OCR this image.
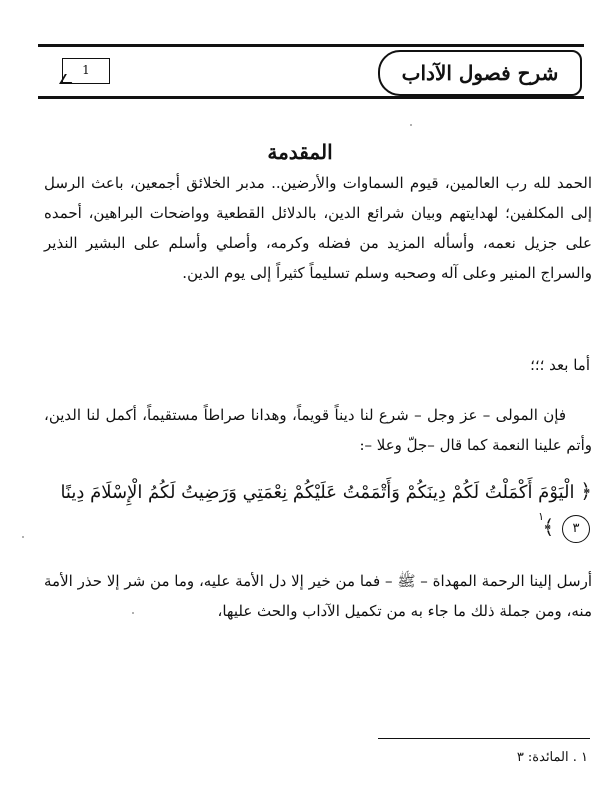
1	شرح فصول الآداب
المقدمة
الحمد لله رب العالمين، قيوم السماوات والأرضين.. مدبر الخلائق أجمعين، باعث الرسل إلى المكلفين؛ لهدايتهم وبيان شرائع الدين، بالدلائل القطعية وواضحات البراهين، أحمده على جزيل نعمه، وأسأله المزيد من فضله وكرمه، وأصلي وأسلم على البشير النذير والسراج المنير وعلى آله وصحبه وسلم تسليماً كثيراً إلى يوم الدين.
أما بعد ؛؛؛
فإن المولى – عز وجل – شرع لنا ديناً قويماً، وهدانا صراطاً مستقيماً، أكمل لنا الدين، وأتم علينا النعمة كما قال –جلّ وعلا –:
﴿ الْيَوْمَ أَكْمَلْتُ لَكُمْ دِينَكُمْ وَأَتْمَمْتُ عَلَيْكُمْ نِعْمَتِي وَرَضِيتُ لَكُمُ الْإِسْلَامَ دِينًا ٣ ﴾
١
أرسل إلينا الرحمة المهداة – ﷺ – فما من خير إلا دل الأمة عليه، وما من شر إلا حذر الأمة منه، ومن جملة ذلك ما جاء به من تكميل الآداب والحث عليها،
١ . المائدة: ٣
